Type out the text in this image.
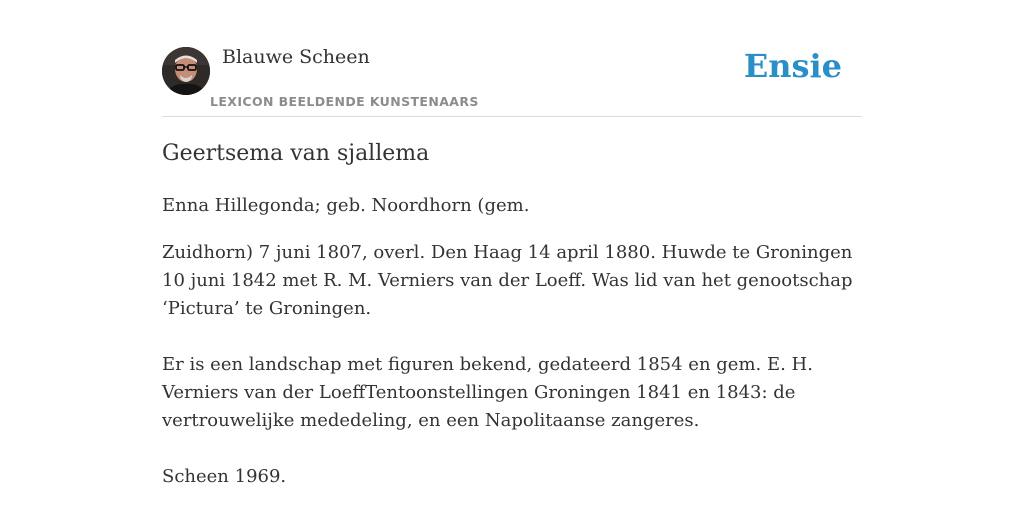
Blauwe Scheen
LEXICON BEELDENDE KUNSTENAARS
Ensie
Geertsema van sjallema

Enna Hillegonda; geb. Noordhorn (gem.

Zuidhorn) 7 juni 1807, overl. Den Haag 14 april 1880. Huwde te Groningen 10 juni 1842 met R. M. Verniers van der Loeff. Was lid van het genootschap ‘Pictura’ te Groningen.

Er is een landschap met figuren bekend, gedateerd 1854 en gem. E. H. Verniers van der LoeffTentoonstellingen Groningen 1841 en 1843: de vertrouwelijke mededeling, en een Napolitaanse zangeres.

Scheen 1969.
